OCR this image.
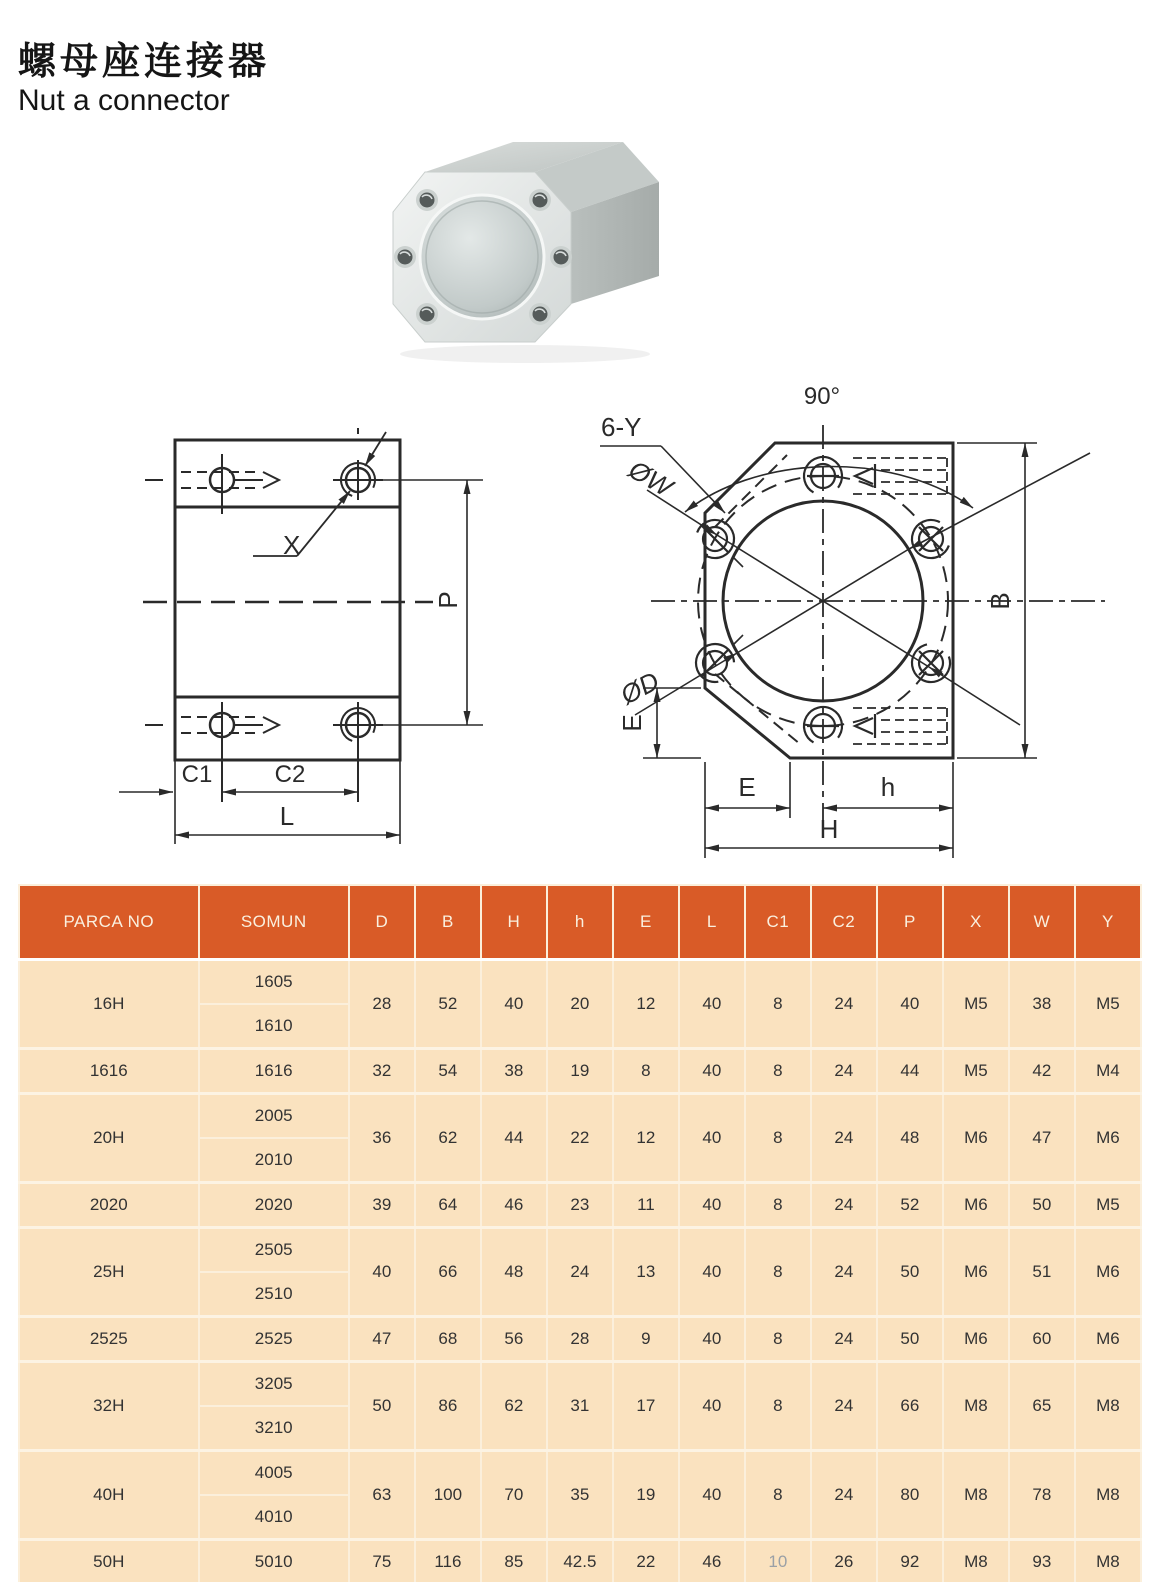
螺母座连接器
Nut a connector
X
P
C1	C2
L
90°
6-Y
ØW
ØD
B
E
E	h
H
PARCA NO	SOMUN	D	B	H	h	E	L	C1	C2	P	X	W	Y
16H	1605	28	52	40	20	12	40	8	24	40	M5	38	M5
	1610												
1616	1616	32	54	38	19	8	40	8	24	44	M5	42	M4
20H	2005	36	62	44	22	12	40	8	24	48	M6	47	M6
	2010												
2020	2020	39	64	46	23	11	40	8	24	52	M6	50	M5
25H	2505	40	66	48	24	13	40	8	24	50	M6	51	M6
	2510												
2525	2525	47	68	56	28	9	40	8	24	50	M6	60	M6
32H	3205	50	86	62	31	17	40	8	24	66	M8	65	M8
	3210												
40H	4005	63	100	70	35	19	40	8	24	80	M8	78	M8
	4010												
50H	5010	75	116	85	42.5	22	46	10	26	92	M8	93	M8
